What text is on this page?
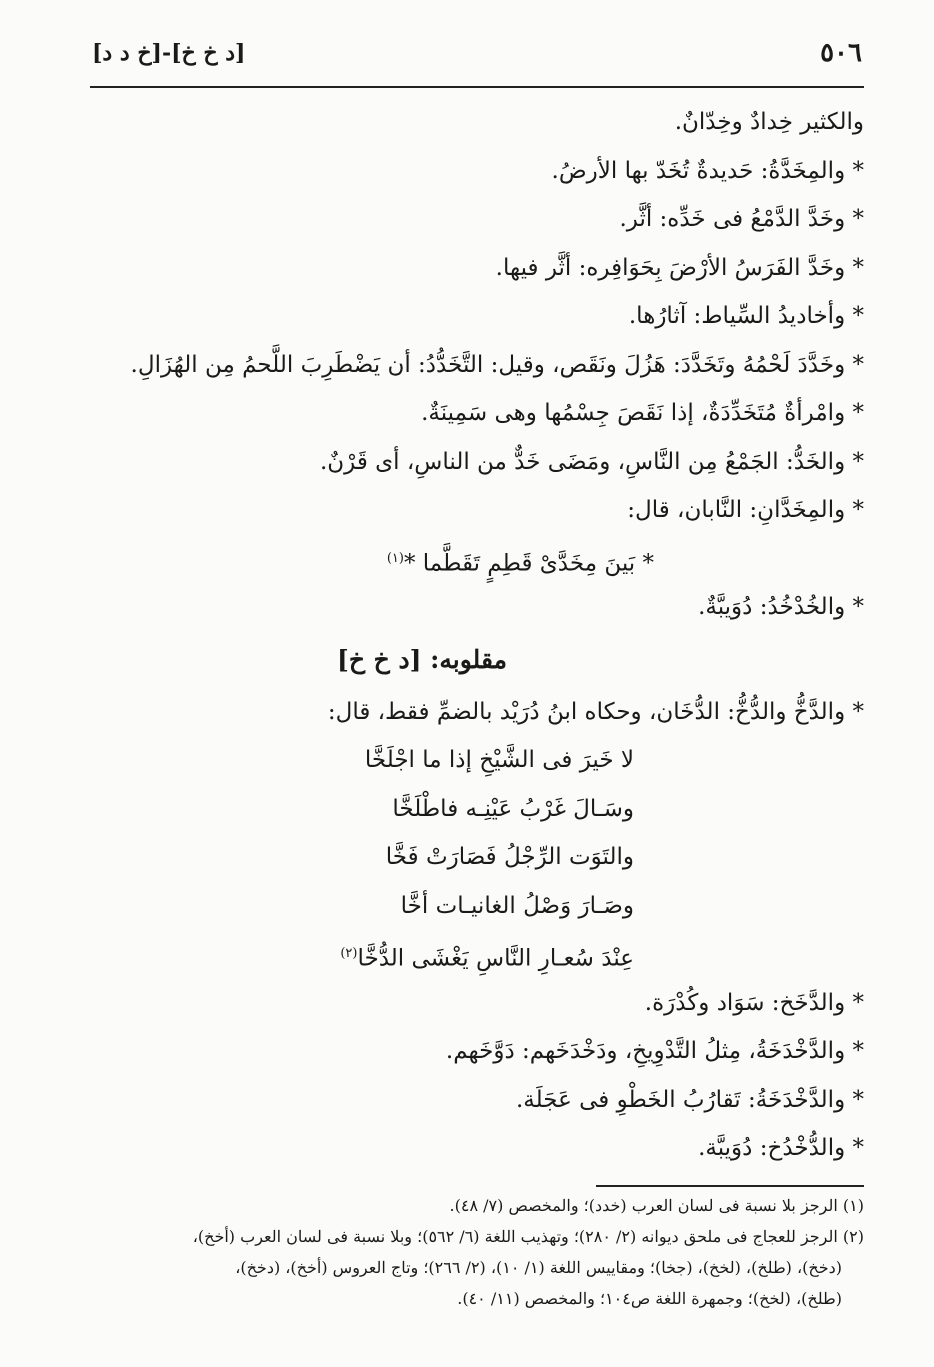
٥٠٦
[خ د د]-[د خ خ]
والكثير خِدادٌ وخِدّانٌ.
* والمِخَدَّةُ: حَديدةٌ تُخَدّ بها الأرضُ.
* وخَدَّ الدَّمْعُ فى خَدِّه: أثَّر.
* وخَدَّ الفَرَسُ الأرْضَ بِحَوَافِره: أثَّر فيها.
* وأخاديدُ السِّياط: آثارُها.
* وخَدَّدَ لَحْمُهُ وتَخَدَّدَ: هَزُلَ ونَقَص، وقيل: التَّخَدُّدُ: أن يَضْطَرِبَ اللَّحمُ مِن الهُزَالِ.
* وامْرأةٌ مُتَخَدِّدَةٌ، إذا نَقَصَ جِسْمُها وهى سَمِينَةٌ.
* والخَدُّ: الجَمْعُ مِن النَّاسِ، ومَضَى خَدٌّ من الناسِ، أى قَرْنٌ.
* والمِخَدَّانِ: النَّابان، قال:
* بَينَ مِخَدَّىْ قَطِمٍ تَقَطَّما *$^{(١)}$
* والخُدْخُدُ: دُوَيبَّةٌ.
مقلوبه: [د خ خ]
* والدَّخُّ والدُّخُّ: الدُّخَان، وحكاه ابنُ دُرَيْد بالضمِّ فقط، قال:
لا خَيرَ فى الشَّيْخِ إذا ما اجْلَخَّا
وسَـالَ غَرْبُ عَيْنِـه فاطْلَخَّا
والتَوَت الرِّجْلُ فَصَارَتْ فَخَّا
وصَـارَ وَصْلُ الغانيـات أخَّا
عِنْدَ سُعـارِ النَّاسِ يَغْشَى الدُّخَّا$^{(٢)}$
* والدَّخَخ: سَوَاد وكُدْرَة.
* والدَّخْدَخَةُ، مِثلُ التَّدْوِيخِ، ودَخْدَخَهم: دَوَّخَهم.
* والدَّخْدَخَةُ: تَقارُبُ الخَطْوِ فى عَجَلَة.
* والدُّخْدُخ: دُوَيبَّة.
(١) الرجز بلا نسبة فى لسان العرب (خدد)؛ والمخصص (٧/ ٤٨).
(٢) الرجز للعجاج فى ملحق ديوانه (٢/ ٢٨٠)؛ وتهذيب اللغة (٦/ ٥٦٢)؛ وبلا نسبة فى لسان العرب (أخخ)،
(دخخ)، (طلخ)، (لخخ)، (جخا)؛ ومقاييس اللغة (١/ ١٠)، (٢/ ٢٦٦)؛ وتاج العروس (أخخ)، (دخخ)،
(طلخ)، (لخخ)؛ وجمهرة اللغة ص١٠٤؛ والمخصص (١١/ ٤٠).
